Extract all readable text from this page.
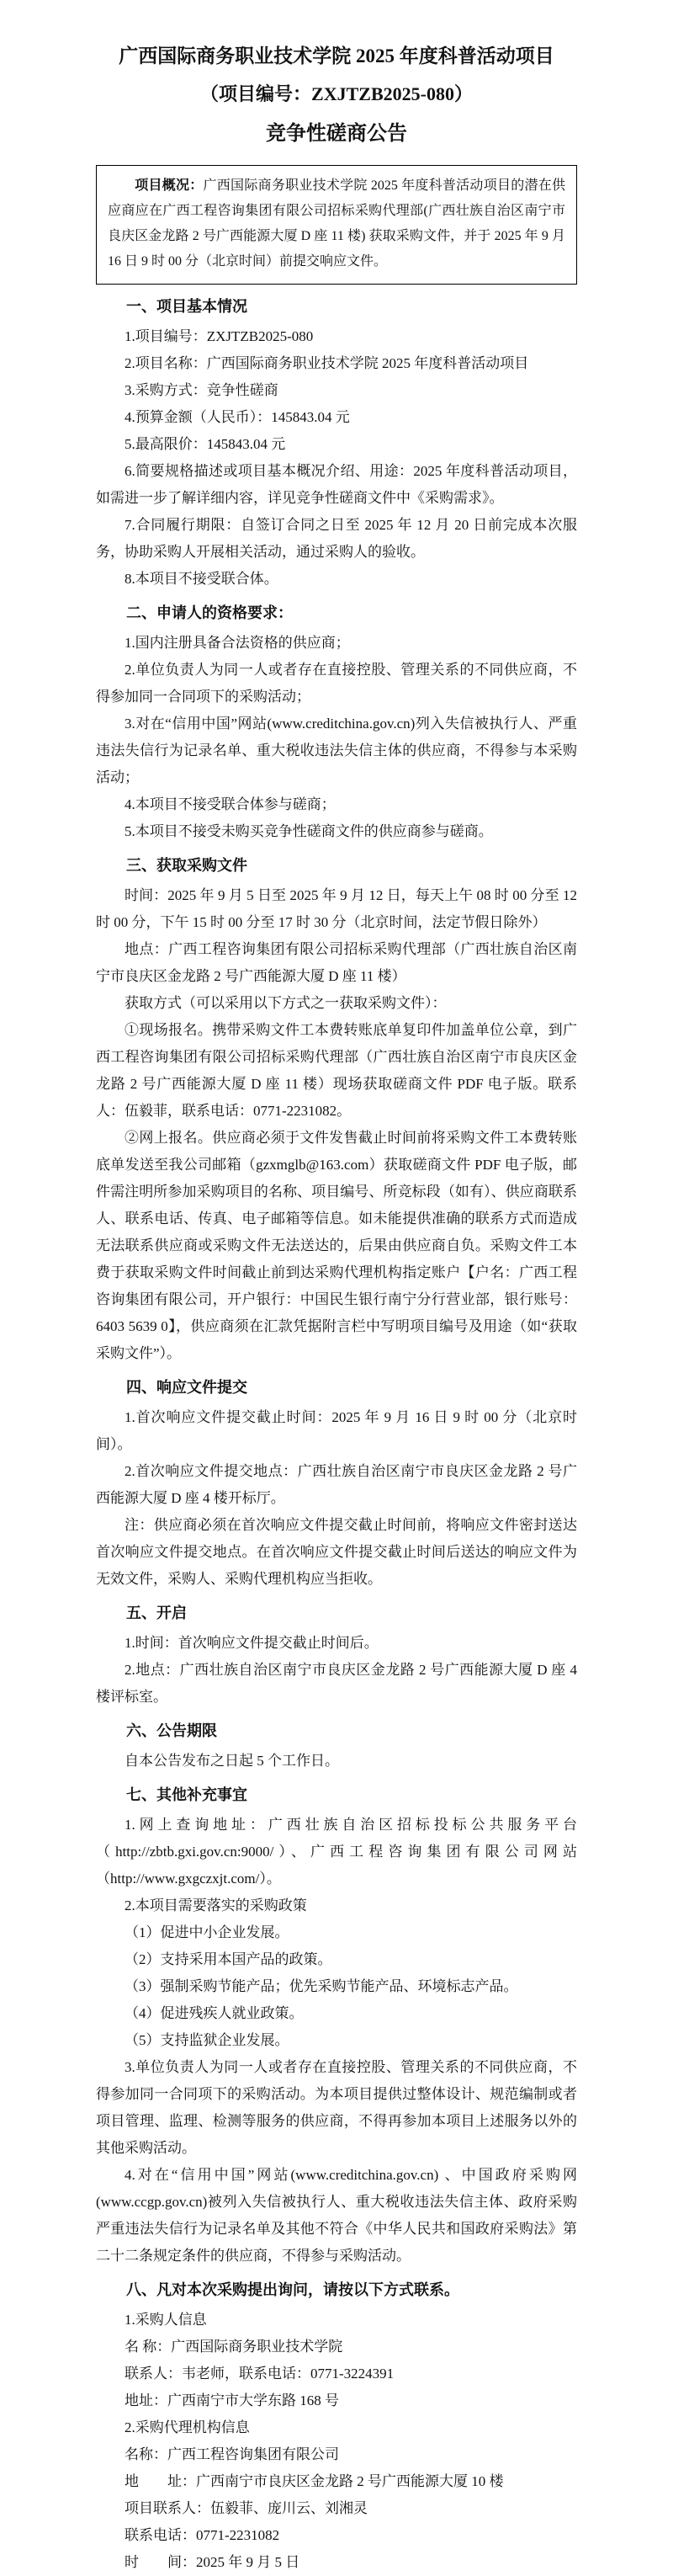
广西国际商务职业技术学院 2025 年度科普活动项目

（项目编号：ZXJTZB2025-080）

竞争性磋商公告

项目概况：广西国际商务职业技术学院 2025 年度科普活动项目的潜在供应商应在广西工程咨询集团有限公司招标采购代理部(广西壮族自治区南宁市良庆区金龙路 2 号广西能源大厦 D 座 11 楼) 获取采购文件，并于 2025 年 9 月 16 日 9 时 00 分（北京时间）前提交响应文件。

一、项目基本情况

1.项目编号：ZXJTZB2025-080

2.项目名称：广西国际商务职业技术学院 2025 年度科普活动项目

3.采购方式：竞争性磋商

4.预算金额（人民币）：145843.04 元

5.最高限价：145843.04 元

6.简要规格描述或项目基本概况介绍、用途：2025 年度科普活动项目，如需进一步了解详细内容，详见竞争性磋商文件中《采购需求》。

7.合同履行期限：自签订合同之日至 2025 年 12 月 20 日前完成本次服务，协助采购人开展相关活动，通过采购人的验收。

8.本项目不接受联合体。

二、申请人的资格要求：

1.国内注册具备合法资格的供应商；

2.单位负责人为同一人或者存在直接控股、管理关系的不同供应商，不得参加同一合同项下的采购活动；

3.对在“信用中国”网站(www.creditchina.gov.cn)列入失信被执行人、严重违法失信行为记录名单、重大税收违法失信主体的供应商，不得参与本采购活动；

4.本项目不接受联合体参与磋商；

5.本项目不接受未购买竞争性磋商文件的供应商参与磋商。

三、获取采购文件

时间：2025 年 9 月 5 日至 2025 年 9 月 12 日，每天上午 08 时 00 分至 12 时 00 分，下午 15 时 00 分至 17 时 30 分（北京时间，法定节假日除外）

地点：广西工程咨询集团有限公司招标采购代理部（广西壮族自治区南宁市良庆区金龙路 2 号广西能源大厦 D 座 11 楼）

获取方式（可以采用以下方式之一获取采购文件）：

①现场报名。携带采购文件工本费转账底单复印件加盖单位公章，到广西工程咨询集团有限公司招标采购代理部（广西壮族自治区南宁市良庆区金龙路 2 号广西能源大厦 D 座 11 楼）现场获取磋商文件 PDF 电子版。联系人：伍毅菲，联系电话：0771-2231082。

②网上报名。供应商必须于文件发售截止时间前将采购文件工本费转账底单发送至我公司邮箱（gzxmglb@163.com）获取磋商文件 PDF 电子版，邮件需注明所参加采购项目的名称、项目编号、所竞标段（如有）、供应商联系人、联系电话、传真、电子邮箱等信息。如未能提供准确的联系方式而造成无法联系供应商或采购文件无法送达的，后果由供应商自负。采购文件工本费于获取采购文件时间截止前到达采购代理机构指定账户【户名：广西工程咨询集团有限公司，开户银行：中国民生银行南宁分行营业部，银行账号：6403 5639 0】，供应商须在汇款凭据附言栏中写明项目编号及用途（如“获取采购文件”）。

四、响应文件提交

1.首次响应文件提交截止时间：2025 年 9 月 16 日 9 时 00 分（北京时间）。

2.首次响应文件提交地点：广西壮族自治区南宁市良庆区金龙路 2 号广西能源大厦 D 座 4 楼开标厅。

注：供应商必须在首次响应文件提交截止时间前，将响应文件密封送达首次响应文件提交地点。在首次响应文件提交截止时间后送达的响应文件为无效文件，采购人、采购代理机构应当拒收。

五、开启

1.时间：首次响应文件提交截止时间后。

2.地点：广西壮族自治区南宁市良庆区金龙路 2 号广西能源大厦 D 座 4 楼评标室。

六、公告期限

自本公告发布之日起 5 个工作日。

七、其他补充事宜

1.网上查询地址：广西壮族自治区招标投标公共服务平台（http://zbtb.gxi.gov.cn:9000/）、广西工程咨询集团有限公司网站（http://www.gxgczxjt.com/）。

2.本项目需要落实的采购政策

（1）促进中小企业发展。

（2）支持采用本国产品的政策。

（3）强制采购节能产品；优先采购节能产品、环境标志产品。

（4）促进残疾人就业政策。

（5）支持监狱企业发展。

3.单位负责人为同一人或者存在直接控股、管理关系的不同供应商，不得参加同一合同项下的采购活动。为本项目提供过整体设计、规范编制或者项目管理、监理、检测等服务的供应商，不得再参加本项目上述服务以外的其他采购活动。

4.对在“信用中国”网站(www.creditchina.gov.cn) 、中国政府采购网(www.ccgp.gov.cn)被列入失信被执行人、重大税收违法失信主体、政府采购严重违法失信行为记录名单及其他不符合《中华人民共和国政府采购法》第二十二条规定条件的供应商，不得参与采购活动。

八、凡对本次采购提出询问，请按以下方式联系。

1.采购人信息

名 称：广西国际商务职业技术学院

联系人：韦老师，联系电话：0771-3224391

地址：广西南宁市大学东路 168 号

2.采购代理机构信息

名称：广西工程咨询集团有限公司

地　　址：广西南宁市良庆区金龙路 2 号广西能源大厦 10 楼

项目联系人：伍毅菲、庞川云、刘湘灵

联系电话：0771-2231082

时　　间：2025 年 9 月 5 日
